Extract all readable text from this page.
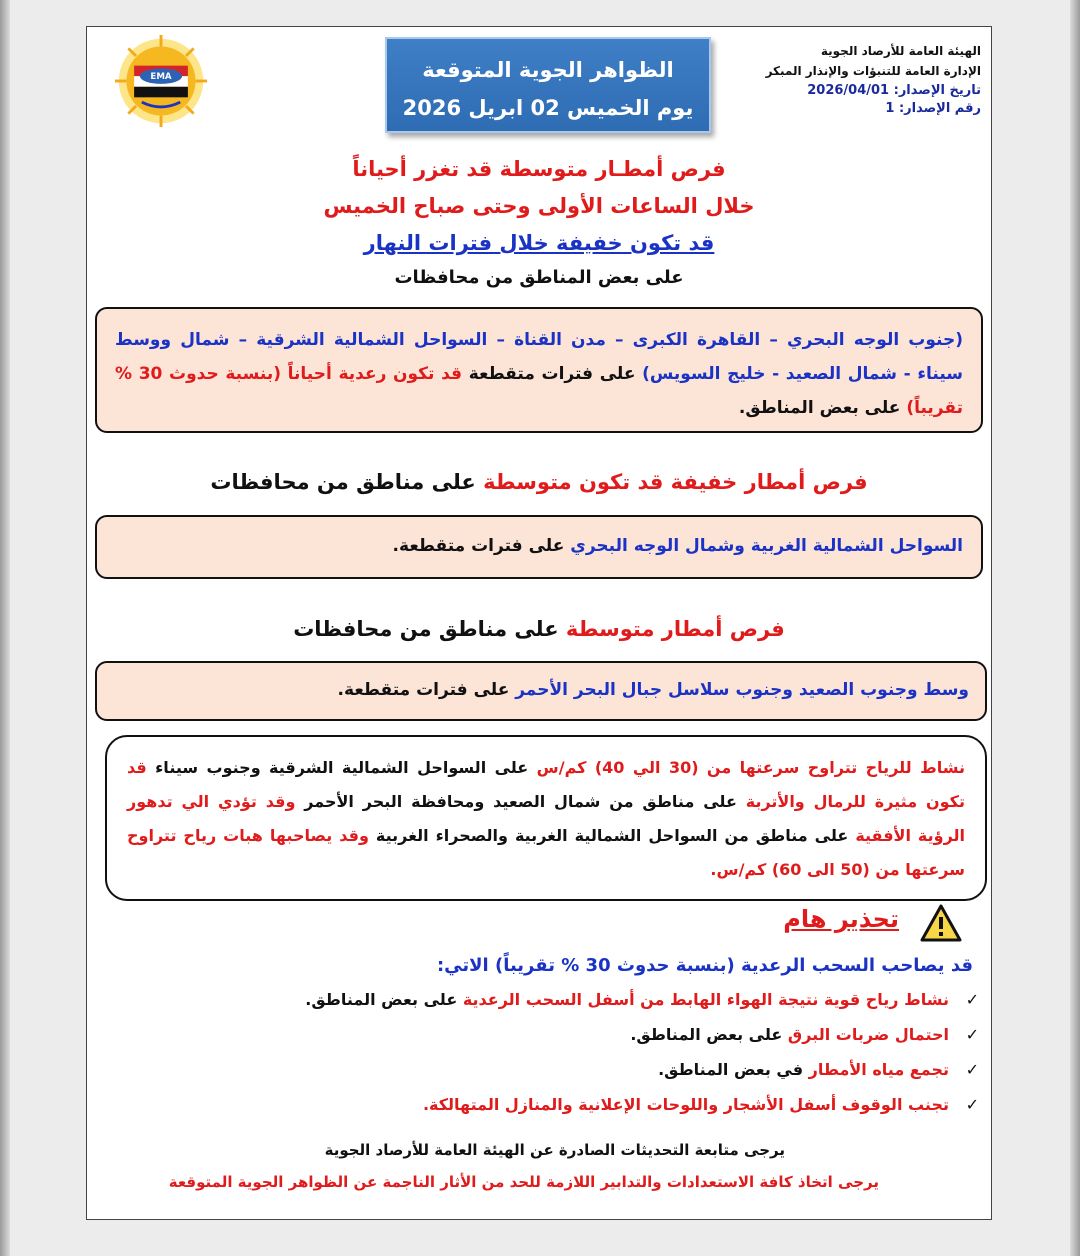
الهيئة العامة للأرصاد الجوية
الإدارة العامة للتنبؤات والإنذار المبكر
تاريخ الإصدار: 2026/04/01
رقم الإصدار: 1
الظواهر الجوية المتوقعة
يوم الخميس 02 ابريل 2026
EMA
فرص أمطـار متوسطة قد تغزر أحياناً
خلال الساعات الأولى وحتى صباح الخميس
قد تكون خفيفة خلال فترات النهار
على بعض المناطق من محافظات
(جنوب الوجه البحري – القاهرة الكبرى – مدن القناة – السواحل الشمالية الشرقية – شمال ووسط سيناء - شمال الصعيد - خليج السويس) على فترات متقطعة قد تكون رعدية أحياناً (بنسبة حدوث 30 % تقريباً) على بعض المناطق.
فرص أمطار خفيفة قد تكون متوسطة على مناطق من محافظات
السواحل الشمالية الغربية وشمال الوجه البحري على فترات متقطعة.
فرص أمطار متوسطة على مناطق من محافظات
وسط وجنوب الصعيد وجنوب سلاسل جبال البحر الأحمر على فترات متقطعة.
نشاط للرياح تتراوح سرعتها من (30 الي 40) كم/س على السواحل الشمالية الشرقية وجنوب سيناء قد تكون مثيرة للرمال والأتربة على مناطق من شمال الصعيد ومحافظة البحر الأحمر وقد تؤدي الي تدهور الرؤية الأفقية على مناطق من السواحل الشمالية الغربية والصحراء الغربية وقد يصاحبها هبات رياح تتراوح سرعتها من (50 الى 60) كم/س.
تحذير هام
قد يصاحب السحب الرعدية (بنسبة حدوث 30 % تقريباً) الاتي:
✓نشاط رياح قوية نتيجة الهواء الهابط من أسفل السحب الرعدية على بعض المناطق.
✓احتمال ضربات البرق على بعض المناطق.
✓تجمع مياه الأمطار في بعض المناطق.
✓تجنب الوقوف أسفل الأشجار واللوحات الإعلانية والمنازل المتهالكة.
يرجى متابعة التحديثات الصادرة عن الهيئة العامة للأرصاد الجوية
يرجى اتخاذ كافة الاستعدادات والتدابير اللازمة للحد من الأثار الناجمة عن الظواهر الجوية المتوقعة
